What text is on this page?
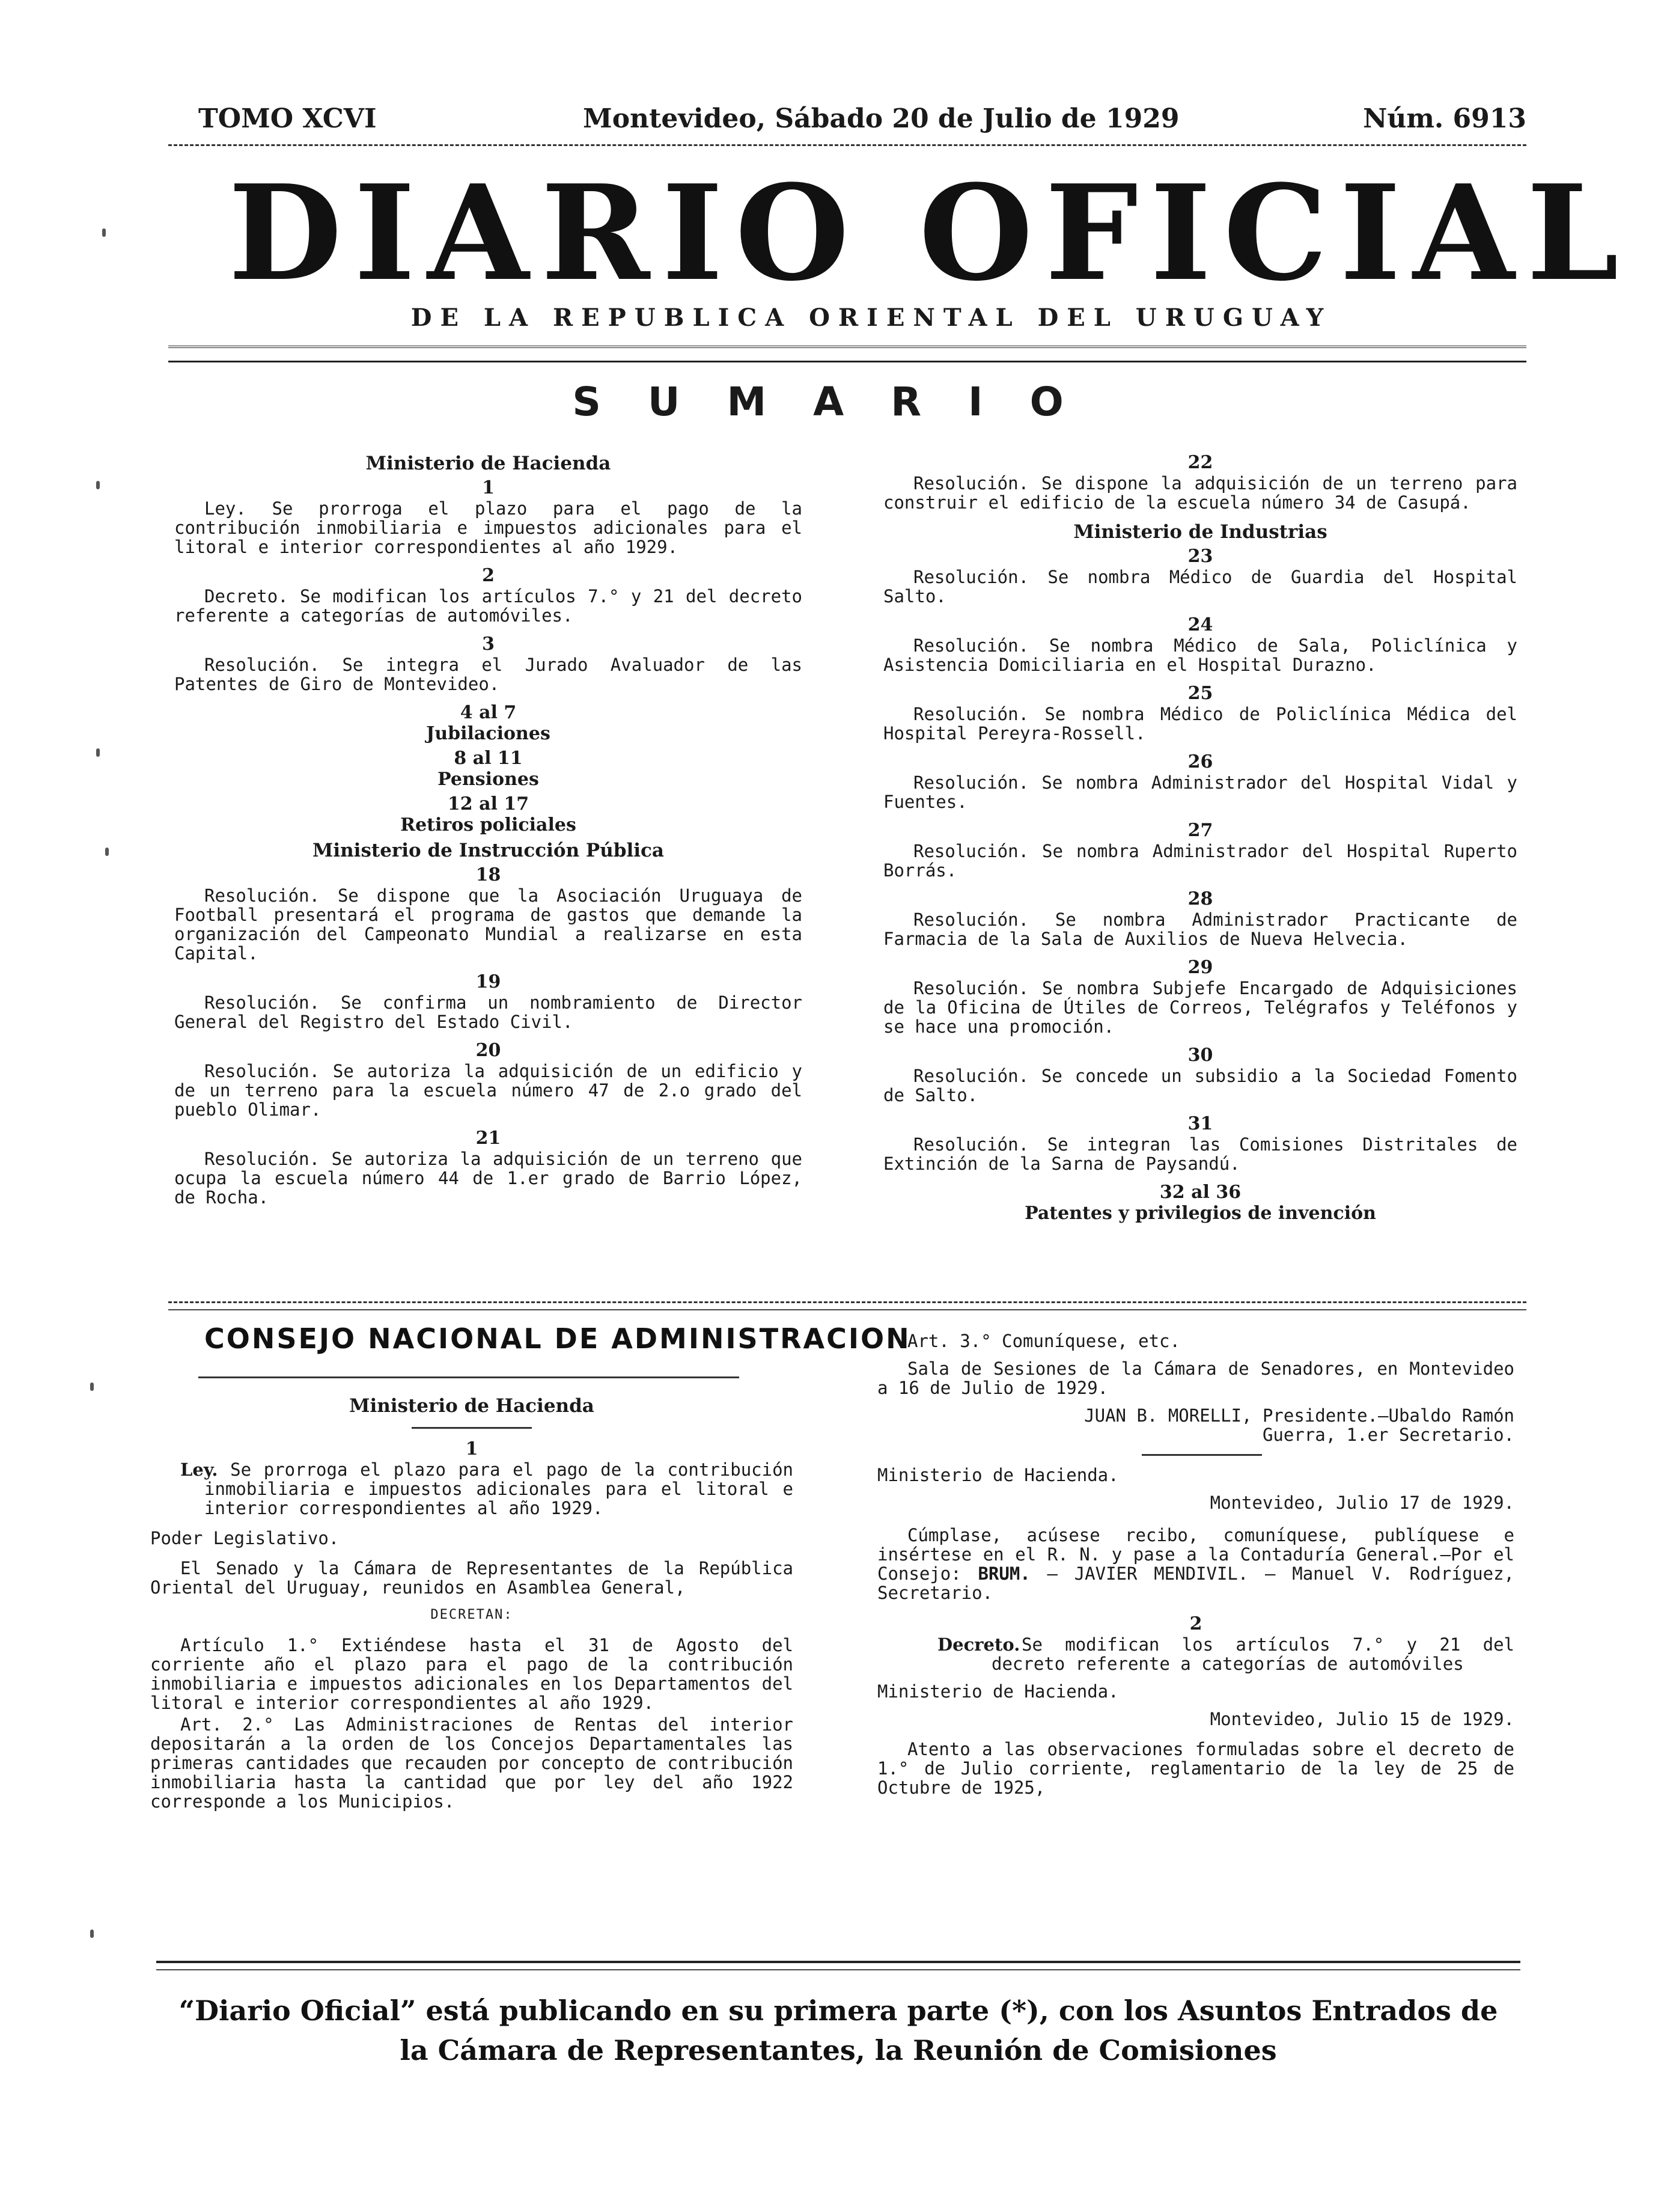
TOMO XCVI	Montevideo, Sábado 20 de Julio de 1929	Núm. 6913
DIARIO OFICIAL
DE LA REPUBLICA ORIENTAL DEL URUGUAY
SUMARIO
Ministerio de Hacienda
1
Ley. Se prorroga el plazo para el pago de la contribución inmobiliaria e impuestos adicionales para el litoral e interior correspondientes al año 1929.
2
Decreto. Se modifican los artículos 7.° y 21 del decreto referente a categorías de automóviles.
3
Resolución. Se integra el Jurado Avaluador de las Patentes de Giro de Montevideo.
4 al 7
Jubilaciones
8 al 11
Pensiones
12 al 17
Retiros policiales
Ministerio de Instrucción Pública
18
Resolución. Se dispone que la Asociación Uruguaya de Football presentará el programa de gastos que demande la organización del Campeonato Mundial a realizarse en esta Capital.
19
Resolución. Se confirma un nombramiento de Director General del Registro del Estado Civil.
20
Resolución. Se autoriza la adquisición de un edificio y de un terreno para la escuela número 47 de 2.o grado del pueblo Olimar.
21
Resolución. Se autoriza la adquisición de un terreno que ocupa la escuela número 44 de 1.er grado de Barrio López, de Rocha.
22
Resolución. Se dispone la adquisición de un terreno para construir el edificio de la escuela número 34 de Casupá.
Ministerio de Industrias
23
Resolución. Se nombra Médico de Guardia del Hospital Salto.
24
Resolución. Se nombra Médico de Sala, Policlínica y Asistencia Domiciliaria en el Hospital Durazno.
25
Resolución. Se nombra Médico de Policlínica Médica del Hospital Pereyra-Rossell.
26
Resolución. Se nombra Administrador del Hospital Vidal y Fuentes.
27
Resolución. Se nombra Administrador del Hospital Ruperto Borrás.
28
Resolución. Se nombra Administrador Practicante de Farmacia de la Sala de Auxilios de Nueva Helvecia.
29
Resolución. Se nombra Subjefe Encargado de Adquisiciones de la Oficina de Útiles de Correos, Telégrafos y Teléfonos y se hace una promoción.
30
Resolución. Se concede un subsidio a la Sociedad Fomento de Salto.
31
Resolución. Se integran las Comisiones Distritales de Extinción de la Sarna de Paysandú.
32 al 36
Patentes y privilegios de invención
CONSEJO NACIONAL DE ADMINISTRACION
Ministerio de Hacienda
1
Ley. Se prorroga el plazo para el pago de la contribución inmobiliaria e impuestos adicionales para el litoral e interior correspondientes al año 1929.
Poder Legislativo.
El Senado y la Cámara de Representantes de la República Oriental del Uruguay, reunidos en Asamblea General,
DECRETAN:
Artículo 1.° Extiéndese hasta el 31 de Agosto del corriente año el plazo para el pago de la contribución inmobiliaria e impuestos adicionales en los Departamentos del litoral e interior correspondientes al año 1929.
Art. 2.° Las Administraciones de Rentas del interior depositarán a la orden de los Concejos Departamentales las primeras cantidades que recauden por concepto de contribución inmobiliaria hasta la cantidad que por ley del año 1922 corresponde a los Municipios.
Art. 3.° Comuníquese, etc.
Sala de Sesiones de la Cámara de Senadores, en Montevideo a 16 de Julio de 1929.
JUAN B. MORELLI, Presidente.—Ubaldo Ramón Guerra, 1.er Secretario.
Ministerio de Hacienda.
Montevideo, Julio 17 de 1929.
Cúmplase, acúsese recibo, comuníquese, publíquese e insértese en el R. N. y pase a la Contaduría General.—Por el Consejo: BRUM. — JAVIER MENDIVIL. — Manuel V. Rodríguez, Secretario.
2
Decreto.Se modifican los artículos 7.° y 21 del decreto referente a categorías de automóviles
Ministerio de Hacienda.
Montevideo, Julio 15 de 1929.
Atento a las observaciones formuladas sobre el decreto de 1.° de Julio corriente, reglamentario de la ley de 25 de Octubre de 1925,
“Diario Oficial” está publicando en su primera parte (*), con los Asuntos Entrados de
la Cámara de Representantes, la Reunión de Comisiones
